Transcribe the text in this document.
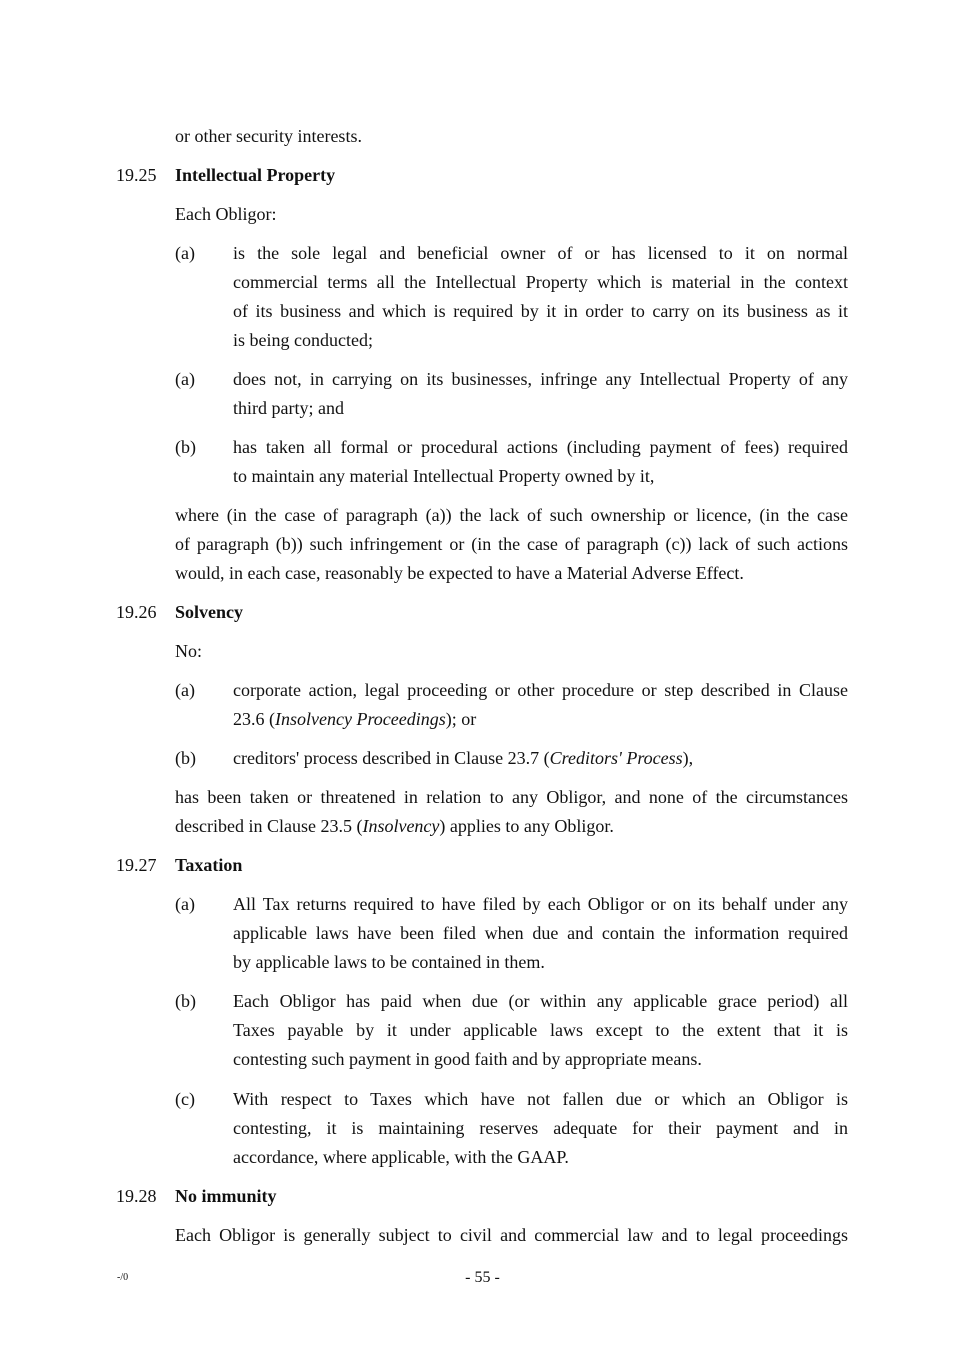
or other security interests.
19.25 Intellectual Property
Each Obligor:
(a) is the sole legal and beneficial owner of or has licensed to it on normal
commercial terms all the Intellectual Property which is material in the context
of its business and which is required by it in order to carry on its business as it
is being conducted;
(a) does not, in carrying on its businesses, infringe any Intellectual Property of any
third party; and
(b) has taken all formal or procedural actions (including payment of fees) required
to maintain any material Intellectual Property owned by it,
where (in the case of paragraph (a)) the lack of such ownership or licence, (in the case
of paragraph (b)) such infringement or (in the case of paragraph (c)) lack of such actions
would, in each case, reasonably be expected to have a Material Adverse Effect.
19.26 Solvency
No:
(a) corporate action, legal proceeding or other procedure or step described in Clause
23.6 (Insolvency Proceedings); or
(b) creditors' process described in Clause 23.7 (Creditors' Process),
has been taken or threatened in relation to any Obligor, and none of the circumstances
described in Clause 23.5 (Insolvency) applies to any Obligor.
19.27 Taxation
(a) All Tax returns required to have filed by each Obligor or on its behalf under any
applicable laws have been filed when due and contain the information required
by applicable laws to be contained in them.
(b) Each Obligor has paid when due (or within any applicable grace period) all
Taxes payable by it under applicable laws except to the extent that it is
contesting such payment in good faith and by appropriate means.
(c) With respect to Taxes which have not fallen due or which an Obligor is
contesting, it is maintaining reserves adequate for their payment and in
accordance, where applicable, with the GAAP.
19.28 No immunity
Each Obligor is generally subject to civil and commercial law and to legal proceedings
-/0	- 55 -
